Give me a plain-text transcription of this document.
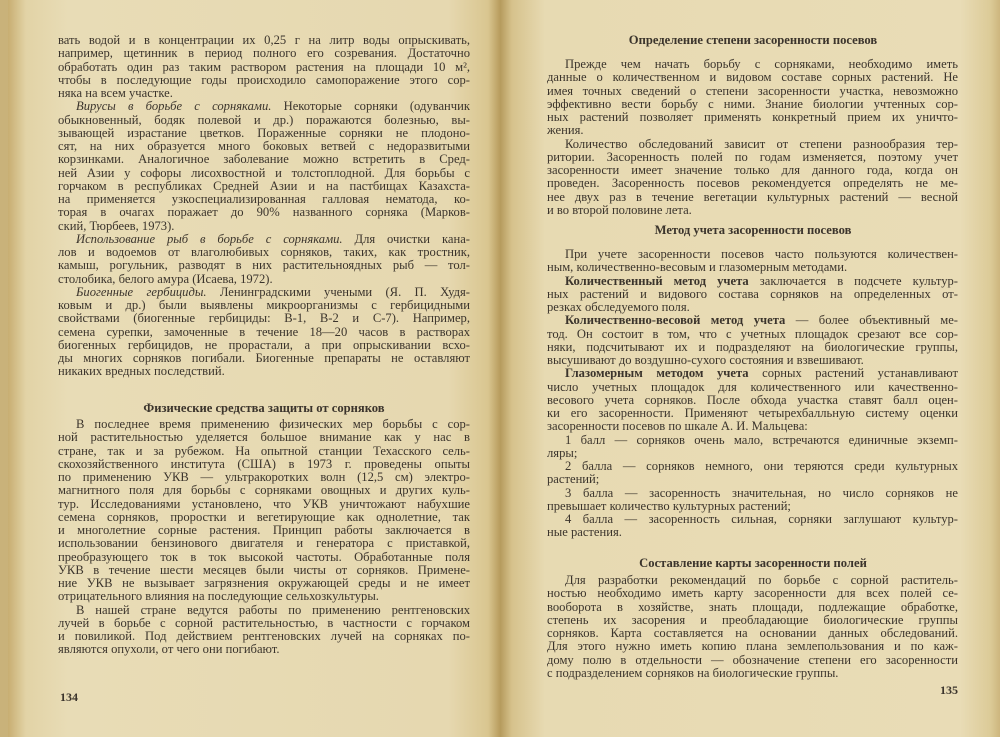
вать водой и в концентрации их 0,25 г на литр воды опрыскивать,
например, щетинник в период полного его созревания. Достаточно
обработать один раз таким раствором растения на площади 10 м²,
чтобы в последующие годы происходило самопоражение этого сор-
няка на всем участке.
Вирусы в борьбе с сорняками. Некоторые сорняки (одуванчик
обыкновенный, бодяк полевой и др.) поражаются болезнью, вы-
зывающей израстание цветков. Пораженные сорняки не плодоно-
сят, на них образуется много боковых ветвей с недоразвитыми
корзинками. Аналогичное заболевание можно встретить в Сред-
ней Азии у софоры лисохвостной и толстоплодной. Для борьбы с
горчаком в республиках Средней Азии и на пастбищах Казахста-
на применяется узкоспециализированная галловая нематода, ко-
торая в очагах поражает до 90% названного сорняка (Марков-
ский, Тюрбеев, 1973).
Использование рыб в борьбе с сорняками. Для очистки кана-
лов и водоемов от влаголюбивых сорняков, таких, как тростник,
камыш, рогульник, разводят в них растительноядных рыб — тол-
столобика, белого амура (Исаева, 1972).
Биогенные гербициды. Ленинградскими учеными (Я. П. Худя-
ковым и др.) были выявлены микроорганизмы с гербицидными
свойствами (биогенные гербициды: В-1, В-2 и С-7). Например,
семена сурепки, замоченные в течение 18—20 часов в растворах
биогенных гербицидов, не прорастали, а при опрыскивании всхо-
ды многих сорняков погибали. Биогенные препараты не оставляют
никаких вредных последствий.
Физические средства защиты от сорняков
В последнее время применению физических мер борьбы с сор-
ной растительностью уделяется большое внимание как у нас в
стране, так и за рубежом. На опытной станции Техасского сель-
скохозяйственного института (США) в 1973 г. проведены опыты
по применению УКВ — ультракоротких волн (12,5 см) электро-
магнитного поля для борьбы с сорняками овощных и других куль-
тур. Исследованиями установлено, что УКВ уничтожают набухшие
семена сорняков, проростки и вегетирующие как однолетние, так
и многолетние сорные растения. Принцип работы заключается в
использовании бензинового двигателя и генератора с приставкой,
преобразующего ток в ток высокой частоты. Обработанные поля
УКВ в течение шести месяцев были чисты от сорняков. Примене-
ние УКВ не вызывает загрязнения окружающей среды и не имеет
отрицательного влияния на последующие сельхозкультуры.
В нашей стране ведутся работы по применению рентгеновских
лучей в борьбе с сорной растительностью, в частности с горчаком
и повиликой. Под действием рентгеновских лучей на сорняках по-
являются опухоли, от чего они погибают.
134
Определение степени засоренности посевов
Прежде чем начать борьбу с сорняками, необходимо иметь
данные о количественном и видовом составе сорных растений. Не
имея точных сведений о степени засоренности участка, невозможно
эффективно вести борьбу с ними. Знание биологии учтенных сор-
ных растений позволяет применять конкретный прием их уничто-
жения.
Количество обследований зависит от степени разнообразия тер-
ритории. Засоренность полей по годам изменяется, поэтому учет
засоренности имеет значение только для данного года, когда он
проведен. Засоренность посевов рекомендуется определять не ме-
нее двух раз в течение вегетации культурных растений — весной
и во второй половине лета.
Метод учета засоренности посевов
При учете засоренности посевов часто пользуются количествен-
ным, количественно-весовым и глазомерным методами.
Количественный метод учета заключается в подсчете культур-
ных растений и видового состава сорняков на определенных от-
резках обследуемого поля.
Количественно-весовой метод учета — более объективный ме-
тод. Он состоит в том, что с учетных площадок срезают все сор-
няки, подсчитывают их и подразделяют на биологические группы,
высушивают до воздушно-сухого состояния и взвешивают.
Глазомерным методом учета сорных растений устанавливают
число учетных площадок для количественного или качественно-
весового учета сорняков. После обхода участка ставят балл оцен-
ки его засоренности. Применяют четырехбалльную систему оценки
засоренности посевов по шкале А. И. Мальцева:
1 балл — сорняков очень мало, встречаются единичные экземп-
ляры;
2 балла — сорняков немного, они теряются среди культурных
растений;
3 балла — засоренность значительная, но число сорняков не
превышает количество культурных растений;
4 балла — засоренность сильная, сорняки заглушают культур-
ные растения.
Составление карты засоренности полей
Для разработки рекомендаций по борьбе с сорной раститель-
ностью необходимо иметь карту засоренности для всех полей се-
вооборота в хозяйстве, знать площади, подлежащие обработке,
степень их засорения и преобладающие биологические группы
сорняков. Карта составляется на основании данных обследований.
Для этого нужно иметь копию плана землепользования и по каж-
дому полю в отдельности — обозначение степени его засоренности
с подразделением сорняков на биологические группы.
135
